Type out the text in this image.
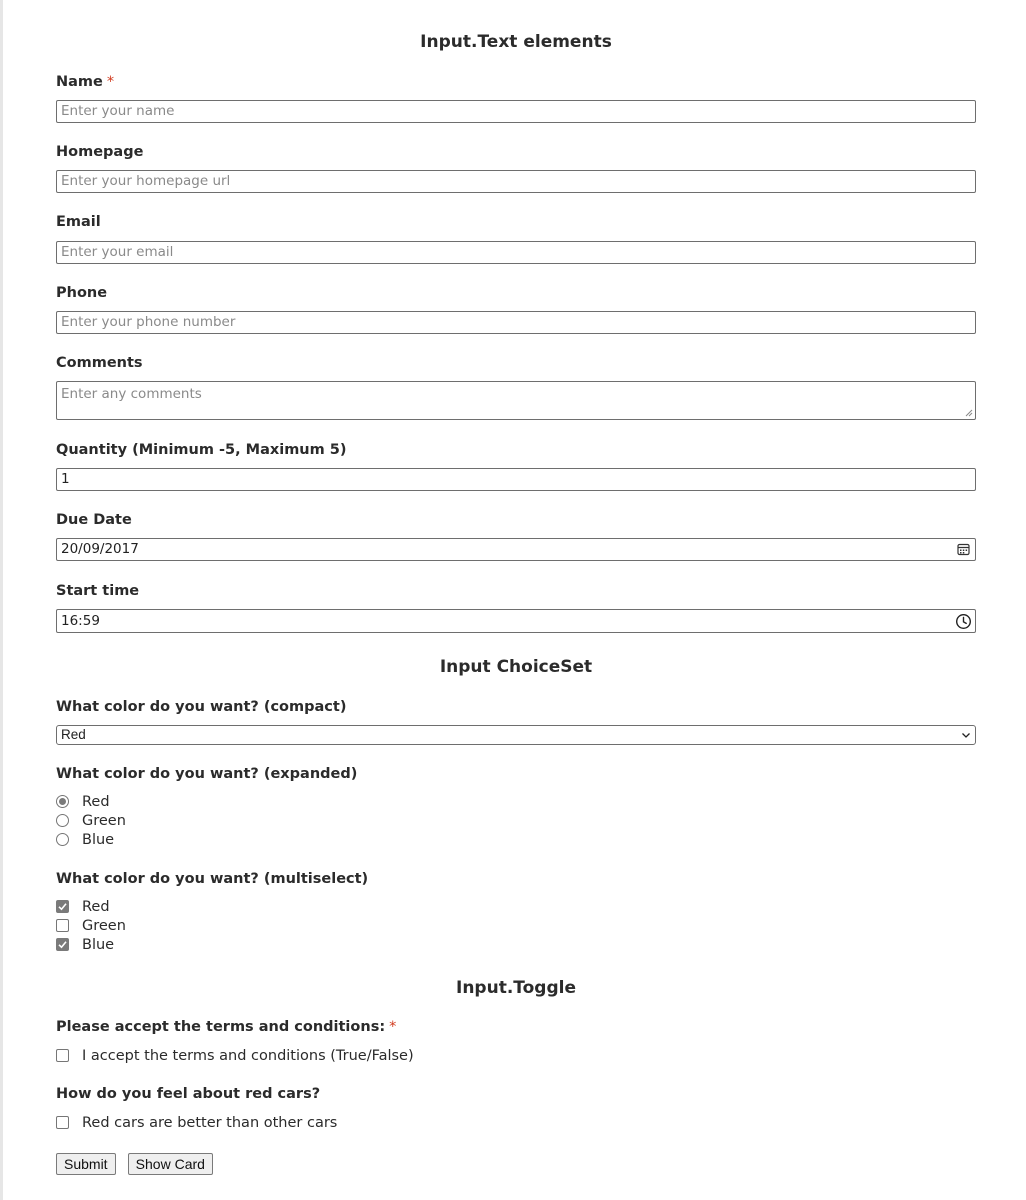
Input.Text elements
Name *
Enter your name
Homepage
Enter your homepage url
Email
Enter your email
Phone
Enter your phone number
Comments
Enter any comments
Quantity (Minimum -5, Maximum 5)
1
Due Date
20/09/2017
Start time
16:59
Input ChoiceSet
What color do you want? (compact)
Red
What color do you want? (expanded)
Red
Green
Blue
What color do you want? (multiselect)
Red
Green
Blue
Input.Toggle
Please accept the terms and conditions: *
I accept the terms and conditions (True/False)
How do you feel about red cars?
Red cars are better than other cars
Submit Show Card
